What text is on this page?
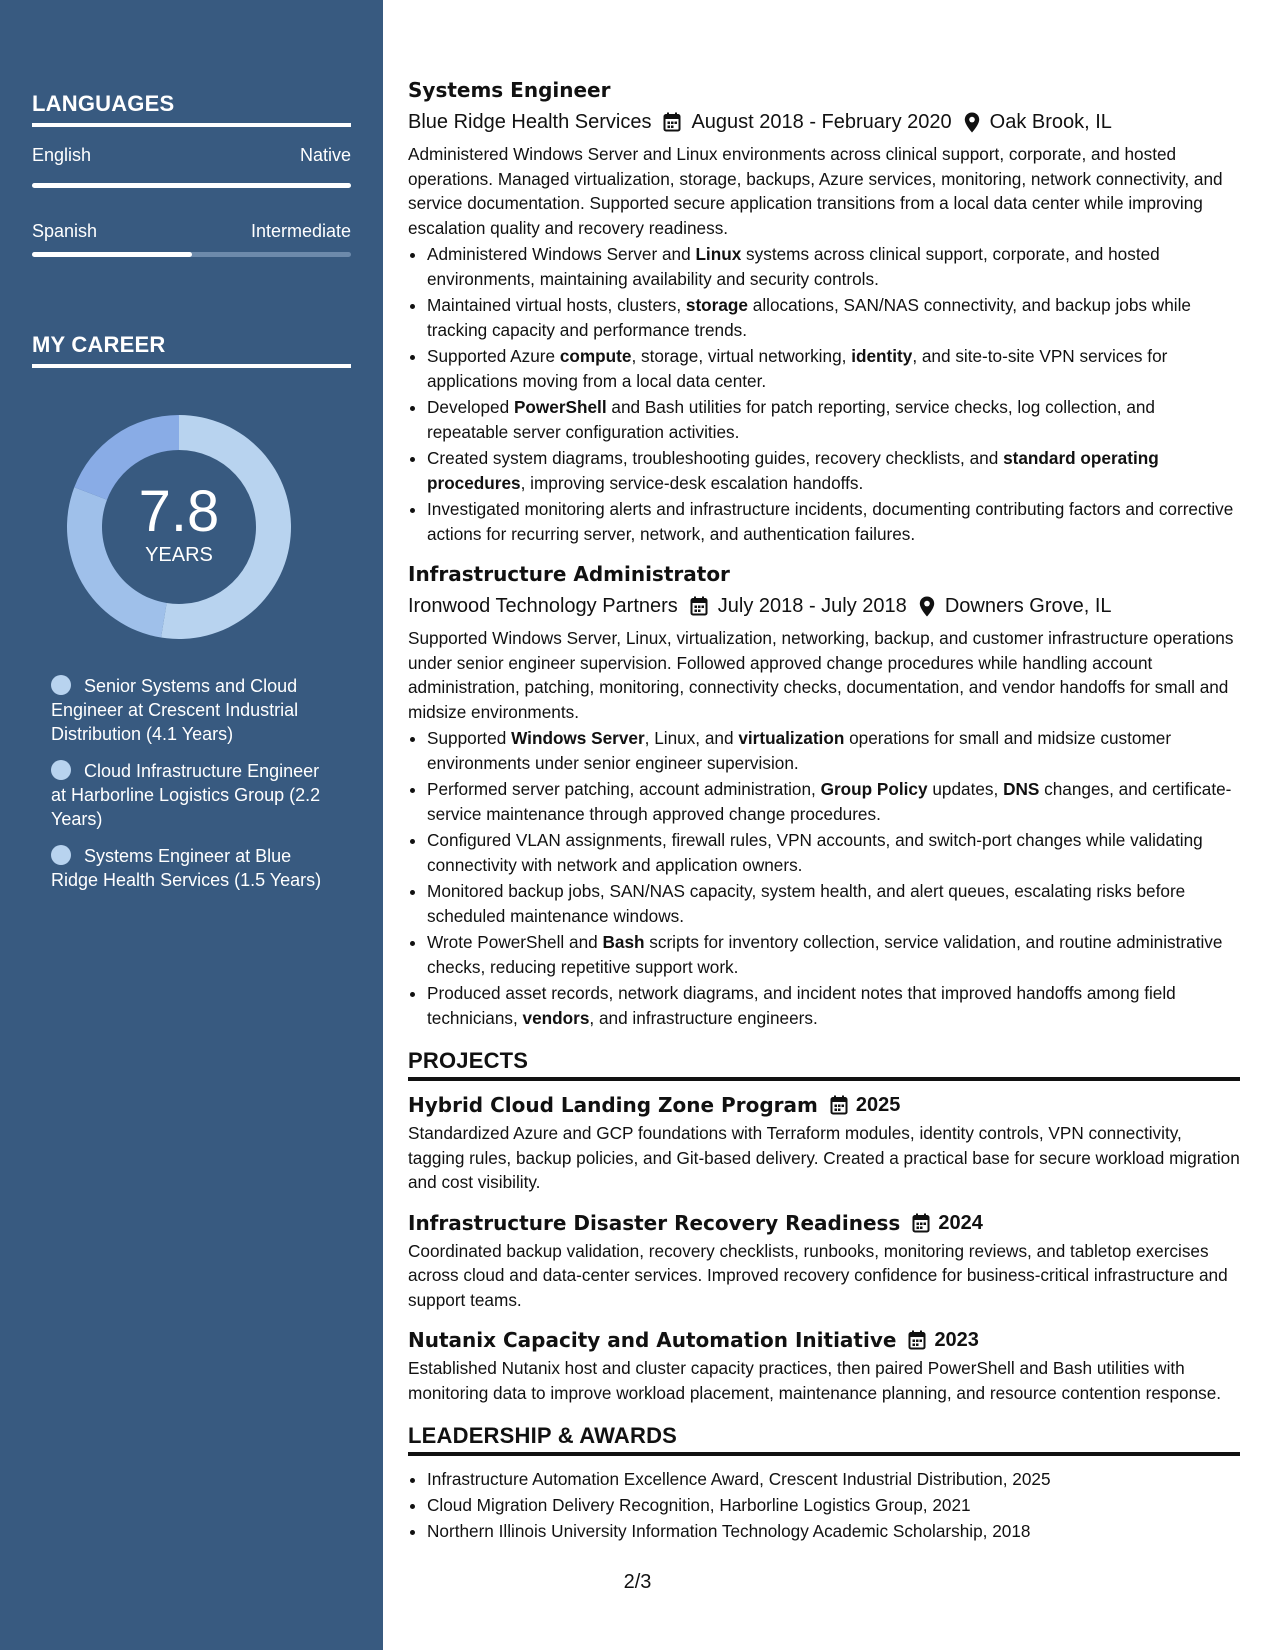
LANGUAGES
English	Native
Spanish	Intermediate
MY CAREER
7.8
YEARS
Senior Systems and Cloud Engineer at Crescent Industrial Distribution (4.1 Years)
Cloud Infrastructure Engineer at Harborline Logistics Group (2.2 Years)
Systems Engineer at Blue Ridge Health Services (1.5 Years)
Systems Engineer
Blue Ridge Health Services August 2018 - February 2020 Oak Brook, IL

Administered Windows Server and Linux environments across clinical support, corporate, and hosted operations. Managed virtualization, storage, backups, Azure services, monitoring, network connectivity, and service documentation. Supported secure application transitions from a local data center while improving escalation quality and recovery readiness.

• Administered Windows Server and Linux systems across clinical support, corporate, and hosted environments, maintaining availability and security controls.
• Maintained virtual hosts, clusters, storage allocations, SAN/NAS connectivity, and backup jobs while tracking capacity and performance trends.
• Supported Azure compute, storage, virtual networking, identity, and site-to-site VPN services for applications moving from a local data center.
• Developed PowerShell and Bash utilities for patch reporting, service checks, log collection, and repeatable server configuration activities.
• Created system diagrams, troubleshooting guides, recovery checklists, and standard operating procedures, improving service-desk escalation handoffs.
• Investigated monitoring alerts and infrastructure incidents, documenting contributing factors and corrective actions for recurring server, network, and authentication failures.
Infrastructure Administrator
Ironwood Technology Partners July 2018 - July 2018 Downers Grove, IL

Supported Windows Server, Linux, virtualization, networking, backup, and customer infrastructure operations under senior engineer supervision. Followed approved change procedures while handling account administration, patching, monitoring, connectivity checks, documentation, and vendor handoffs for small and midsize environments.

• Supported Windows Server, Linux, and virtualization operations for small and midsize customer environments under senior engineer supervision.
• Performed server patching, account administration, Group Policy updates, DNS changes, and certificate-service maintenance through approved change procedures.
• Configured VLAN assignments, firewall rules, VPN accounts, and switch-port changes while validating connectivity with network and application owners.
• Monitored backup jobs, SAN/NAS capacity, system health, and alert queues, escalating risks before scheduled maintenance windows.
• Wrote PowerShell and Bash scripts for inventory collection, service validation, and routine administrative checks, reducing repetitive support work.
• Produced asset records, network diagrams, and incident notes that improved handoffs among field technicians, vendors, and infrastructure engineers.
PROJECTS
Hybrid Cloud Landing Zone Program 2025

Standardized Azure and GCP foundations with Terraform modules, identity controls, VPN connectivity, tagging rules, backup policies, and Git-based delivery. Created a practical base for secure workload migration and cost visibility.

Infrastructure Disaster Recovery Readiness 2024

Coordinated backup validation, recovery checklists, runbooks, monitoring reviews, and tabletop exercises across cloud and data-center services. Improved recovery confidence for business-critical infrastructure and support teams.

Nutanix Capacity and Automation Initiative 2023

Established Nutanix host and cluster capacity practices, then paired PowerShell and Bash utilities with monitoring data to improve workload placement, maintenance planning, and resource contention response.

LEADERSHIP & AWARDS
• Infrastructure Automation Excellence Award, Crescent Industrial Distribution, 2025
• Cloud Migration Delivery Recognition, Harborline Logistics Group, 2021
• Northern Illinois University Information Technology Academic Scholarship, 2018
2/3
